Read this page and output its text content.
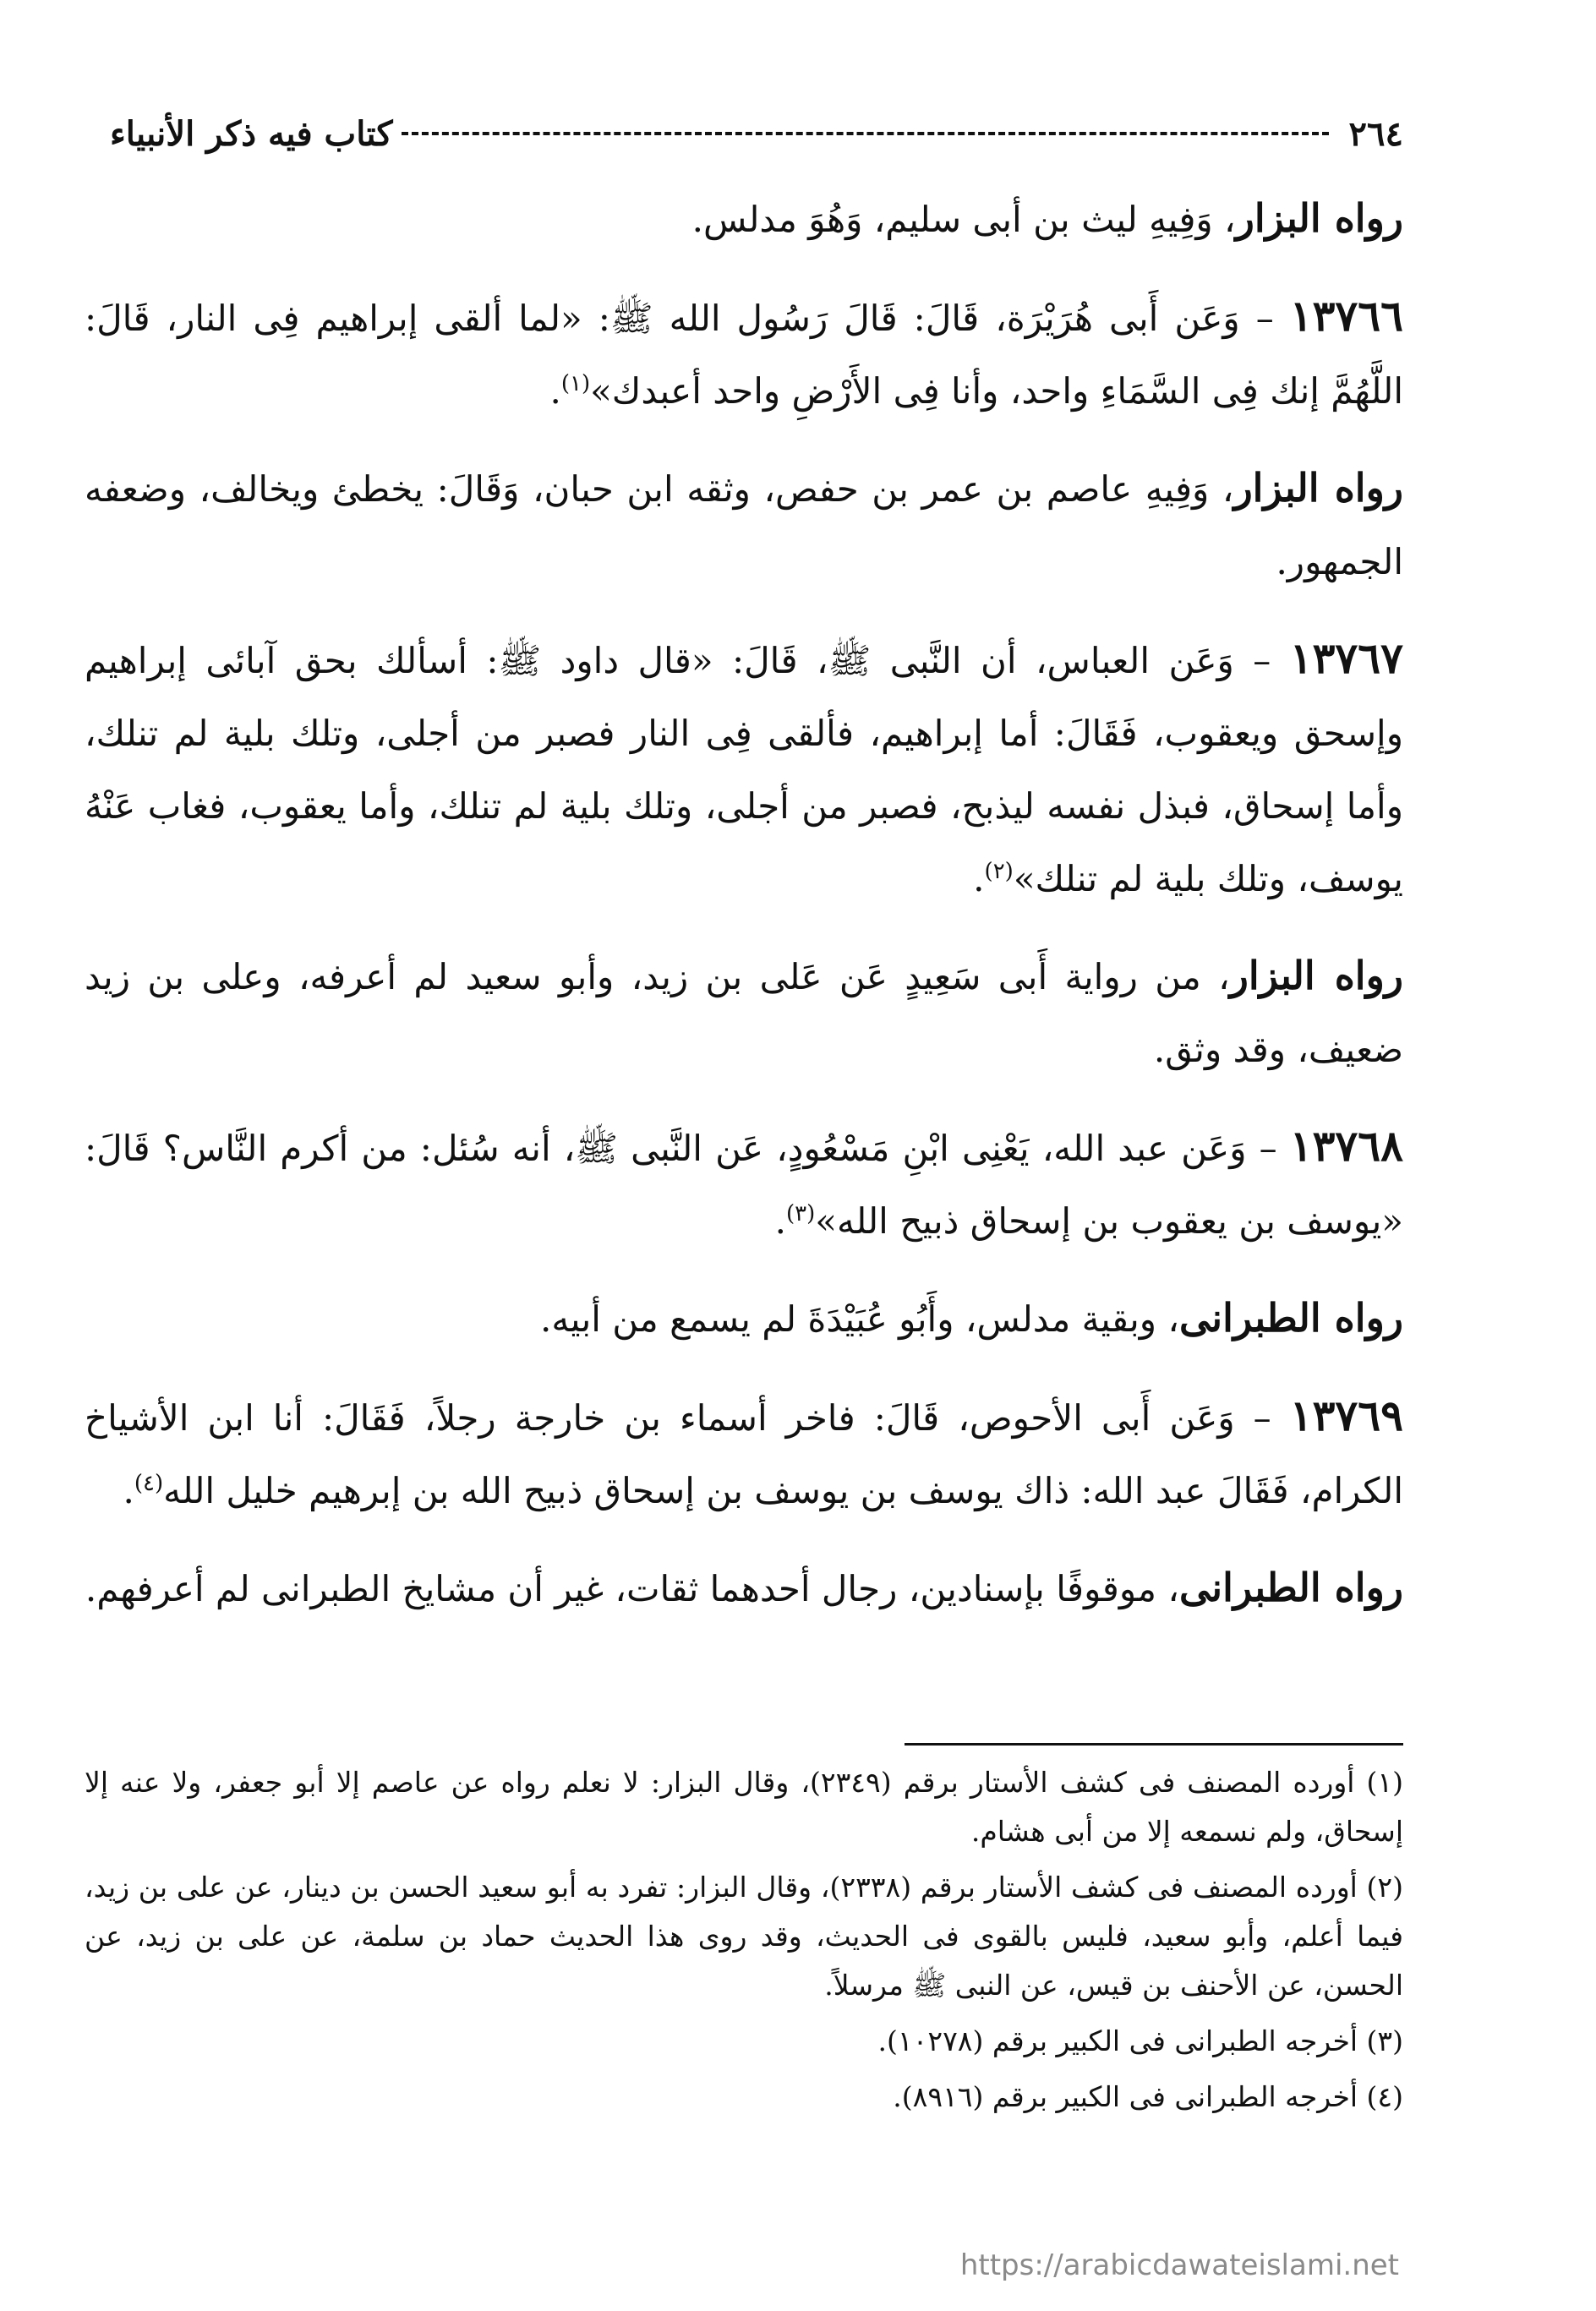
٢٦٤
كتاب فيه ذكر الأنبياء

رواه البزار، وَفِيهِ ليث بن أبى سليم، وَهُوَ مدلس.

١٣٧٦٦ – وَعَن أَبى هُرَيْرَة، قَالَ: قَالَ رَسُول الله ﷺ: «لما ألقى إبراهيم فِى النار، قَالَ: اللَّهُمَّ إنك فِى السَّمَاءِ واحد، وأنا فِى الأَرْضِ واحد أعبدك»$^{(١)}$.

رواه البزار، وَفِيهِ عاصم بن عمر بن حفص، وثقه ابن حبان، وَقَالَ: يخطئ ويخالف، وضعفه الجمهور.

١٣٧٦٧ – وَعَن العباس، أن النَّبى ﷺ، قَالَ: «قال داود ﷺ: أسألك بحق آبائى إبراهيم وإسحق ويعقوب، فَقَالَ: أما إبراهيم، فألقى فِى النار فصبر من أجلى، وتلك بلية لم تنلك، وأما إسحاق، فبذل نفسه ليذبح، فصبر من أجلى، وتلك بلية لم تنلك، وأما يعقوب، فغاب عَنْهُ يوسف، وتلك بلية لم تنلك»$^{(٢)}$.

رواه البزار، من رواية أَبى سَعِيدٍ عَن عَلى بن زيد، وأبو سعيد لم أعرفه، وعلى بن زيد ضعيف، وقد وثق.

١٣٧٦٨ – وَعَن عبد الله، يَعْنِى ابْنِ مَسْعُودٍ، عَن النَّبى ﷺ، أنه سُئل: من أكرم النَّاس؟ قَالَ: «يوسف بن يعقوب بن إسحاق ذبيح الله»$^{(٣)}$.

رواه الطبرانى، وبقية مدلس، وأَبُو عُبَيْدَةَ لم يسمع من أبيه.

١٣٧٦٩ – وَعَن أَبى الأحوص، قَالَ: فاخر أسماء بن خارجة رجلاً، فَقَالَ: أنا ابن الأشياخ الكرام، فَقَالَ عبد الله: ذاك يوسف بن يوسف بن إسحاق ذبيح الله بن إبرهيم خليل الله$^{(٤)}$.

رواه الطبرانى، موقوفًا بإسنادين، رجال أحدهما ثقات، غير أن مشايخ الطبرانى لم أعرفهم.

(١) أورده المصنف فى كشف الأستار برقم (٢٣٤٩)، وقال البزار: لا نعلم رواه عن عاصم إلا أبو جعفر، ولا عنه إلا إسحاق، ولم نسمعه إلا من أبى هشام.

(٢) أورده المصنف فى كشف الأستار برقم (٢٣٣٨)، وقال البزار: تفرد به أبو سعيد الحسن بن دينار، عن على بن زيد، فيما أعلم، وأبو سعيد، فليس بالقوى فى الحديث، وقد روى هذا الحديث حماد بن سلمة، عن على بن زيد، عن الحسن، عن الأحنف بن قيس، عن النبى ﷺ مرسلاً.

(٣) أخرجه الطبرانى فى الكبير برقم (١٠٢٧٨).

(٤) أخرجه الطبرانى فى الكبير برقم (٨٩١٦).

https://arabicdawateislami.net
